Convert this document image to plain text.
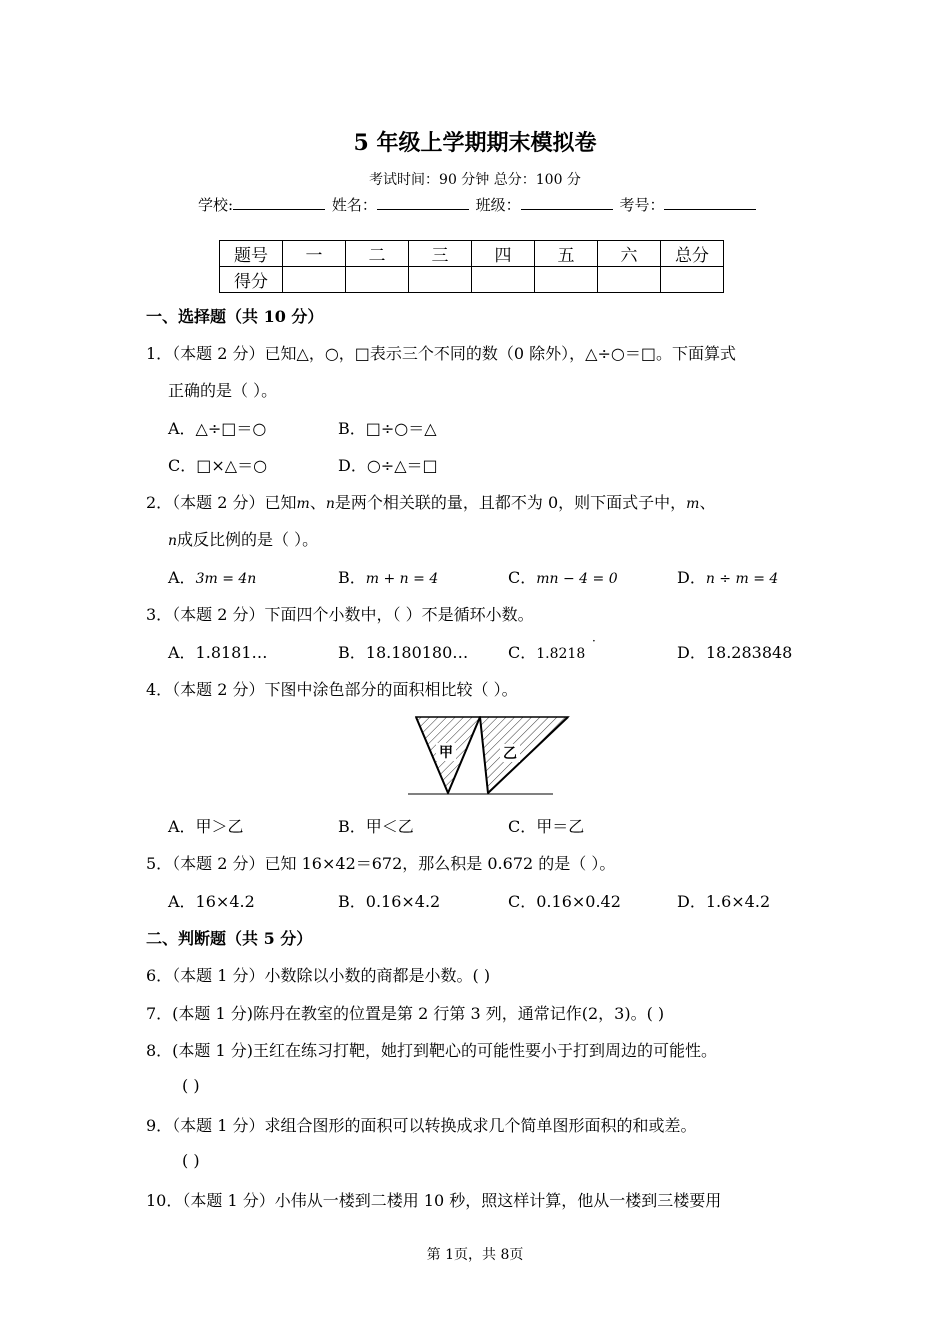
5 年级上学期期末模拟卷
考试时间：90 分钟 总分：100 分
学校:	姓名：	班级：	考号：
题号	一	二	三	四	五	六	总分
得分							
一、选择题（共 10 分）
1．（本题 2 分）已知△，○，□表示三个不同的数（0 除外），△÷○＝□。下面算式
正确的是（ ）。
A．△÷□＝○	B．□÷○＝△
C．□×△＝○	D．○÷△＝□
2．（本题 2 分）已知m、n是两个相关联的量，且都不为 0，则下面式子中，m、
n成反比例的是（ ）。
A．3m = 4n	B．m + n = 4	C．mn − 4 = 0	D．n ÷ m = 4
3．（本题 2 分）下面四个小数中，（ ）不是循环小数。
A．1.8181…	B．18.180180… C．1.8218
·
D．18.283848
4．（本题 2 分）下图中涂色部分的面积相比较（ ）。
甲	乙
A．甲＞乙	B．甲＜乙	C．甲＝乙
5．（本题 2 分）已知 16×42＝672，那么积是 0.672 的是（ ）。
A．16×4.2	B．0.16×4.2	C．0.16×0.42	D．1.6×4.2
二、判断题（共 5 分）
6．（本题 1 分）小数除以小数的商都是小数。( )
7．(本题 1 分)陈丹在教室的位置是第 2 行第 3 列，通常记作(2，3)。( )
8．(本题 1 分)王红在练习打靶，她打到靶心的可能性要小于打到周边的可能性。
( )
9．（本题 1 分）求组合图形的面积可以转换成求几个简单图形面积的和或差。
( )
10．（本题 1 分）小伟从一楼到二楼用 10 秒，照这样计算，他从一楼到三楼要用
第 1页，共 8页
